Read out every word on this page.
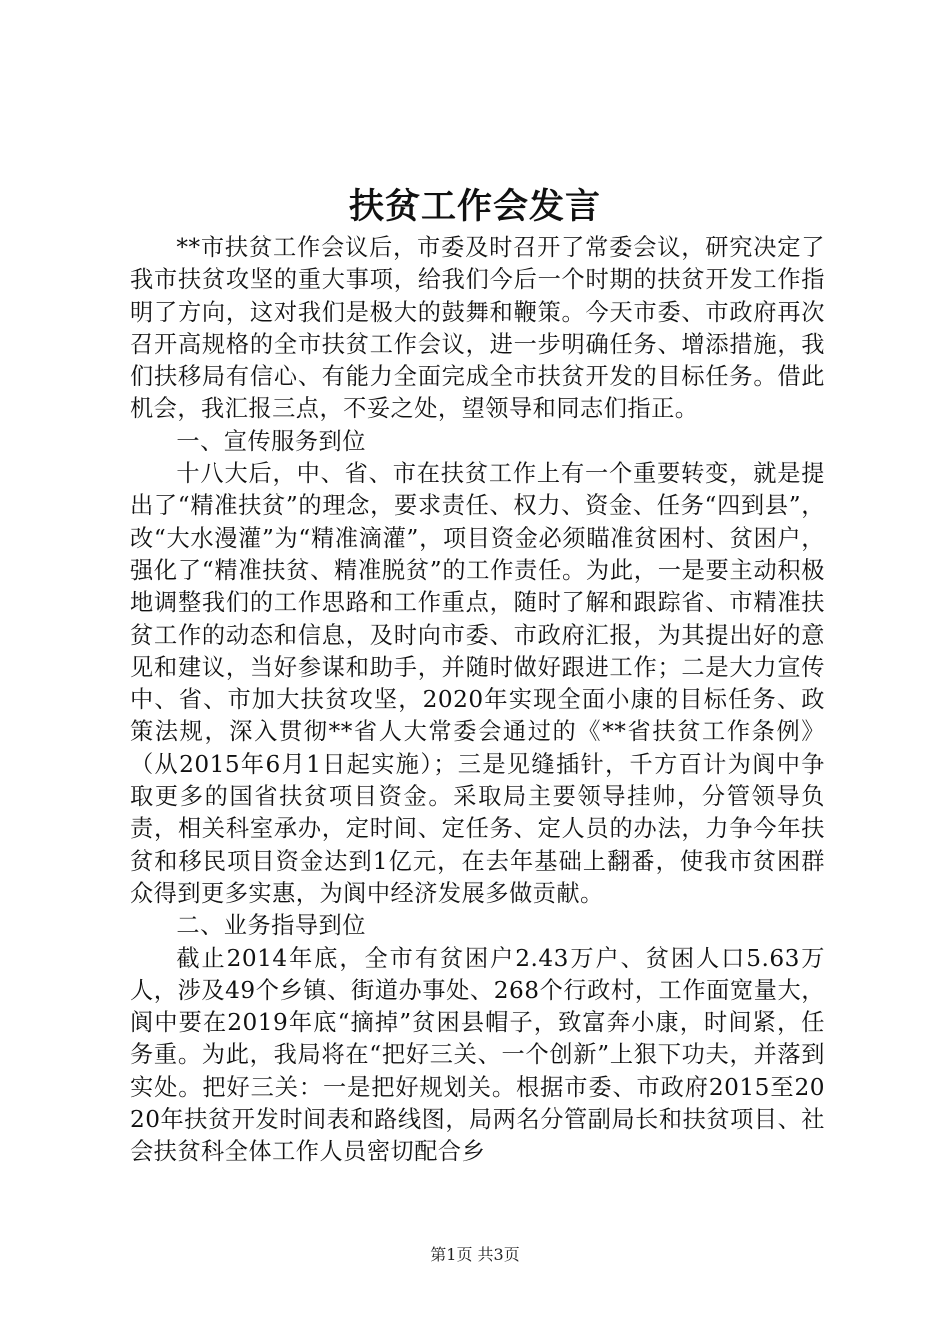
扶贫工作会发言

**市扶贫工作会议后，市委及时召开了常委会议，研究决定了我市扶贫攻坚的重大事项，给我们今后一个时期的扶贫开发工作指明了方向，这对我们是极大的鼓舞和鞭策。今天市委、市政府再次召开高规格的全市扶贫工作会议，进一步明确任务、增添措施，我们扶移局有信心、有能力全面完成全市扶贫开发的目标任务。借此机会，我汇报三点，不妥之处，望领导和同志们指正。

一、宣传服务到位

十八大后，中、省、市在扶贫工作上有一个重要转变，就是提出了“精准扶贫”的理念，要求责任、权力、资金、任务“四到县”，改“大水漫灌”为“精准滴灌”，项目资金必须瞄准贫困村、贫困户，强化了“精准扶贫、精准脱贫”的工作责任。为此，一是要主动积极地调整我们的工作思路和工作重点，随时了解和跟踪省、市精准扶贫工作的动态和信息，及时向市委、市政府汇报，为其提出好的意见和建议，当好参谋和助手，并随时做好跟进工作；二是大力宣传中、省、市加大扶贫攻坚，2020年实现全面小康的目标任务、政策法规，深入贯彻**省人大常委会通过的《**省扶贫工作条例》（从2015年6月1日起实施）；三是见缝插针，千方百计为阆中争取更多的国省扶贫项目资金。采取局主要领导挂帅，分管领导负责，相关科室承办，定时间、定任务、定人员的办法，力争今年扶贫和移民项目资金达到1亿元，在去年基础上翻番，使我市贫困群众得到更多实惠，为阆中经济发展多做贡献。

二、业务指导到位

截止2014年底，全市有贫困户2.43万户、贫困人口5.63万人，涉及49个乡镇、街道办事处、268个行政村，工作面宽量大，阆中要在2019年底“摘掉”贫困县帽子，致富奔小康，时间紧，任务重。为此，我局将在“把好三关、一个创新”上狠下功夫，并落到实处。把好三关：一是把好规划关。根据市委、市政府2015至2020年扶贫开发时间表和路线图，局两名分管副局长和扶贫项目、社会扶贫科全体工作人员密切配合乡

第1页 共3页
